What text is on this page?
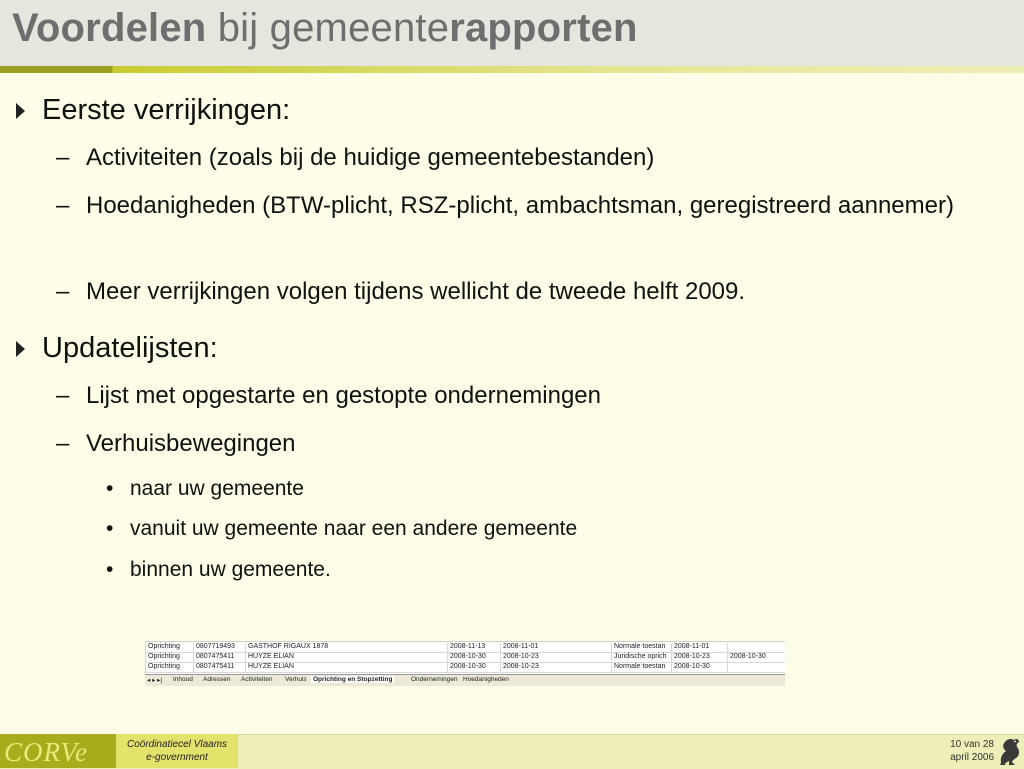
Voordelen bij gemeenterapporten
Eerste verrijkingen:
– Activiteiten (zoals bij de huidige gemeentebestanden)
– Hoedanigheden (BTW-plicht, RSZ-plicht, ambachtsman, geregistreerd aannemer)
– Meer verrijkingen volgen tijdens wellicht de tweede helft 2009.
Updatelijsten:
– Lijst met opgestarte en gestopte ondernemingen
– Verhuisbewegingen
• naar uw gemeente
• vanuit uw gemeente naar een andere gemeente
• binnen uw gemeente.
Oprichting	0807719493	GASTHOF RIGAUX 1878	2008-11-13	2008-11-01	Normale toestan	2008-11-01
Oprichting	0807475411	HUYZE ELIAN	2008-10-30	2008-10-23	Juridische oprich	2008-10-23	2008-10-30
Oprichting	0807475411	HUYZE ELIAN	2008-10-30	2008-10-23	Normale toestan	2008-10-30
◂ ▸ ▸| Inhoud Adressen Activiteiten Verhuis Oprichting en Stopzetting	Ondernemingen Hoedanigheden
CORVe	Coördinatiecel Vlaams
e-government
10 van 28
april 2006
